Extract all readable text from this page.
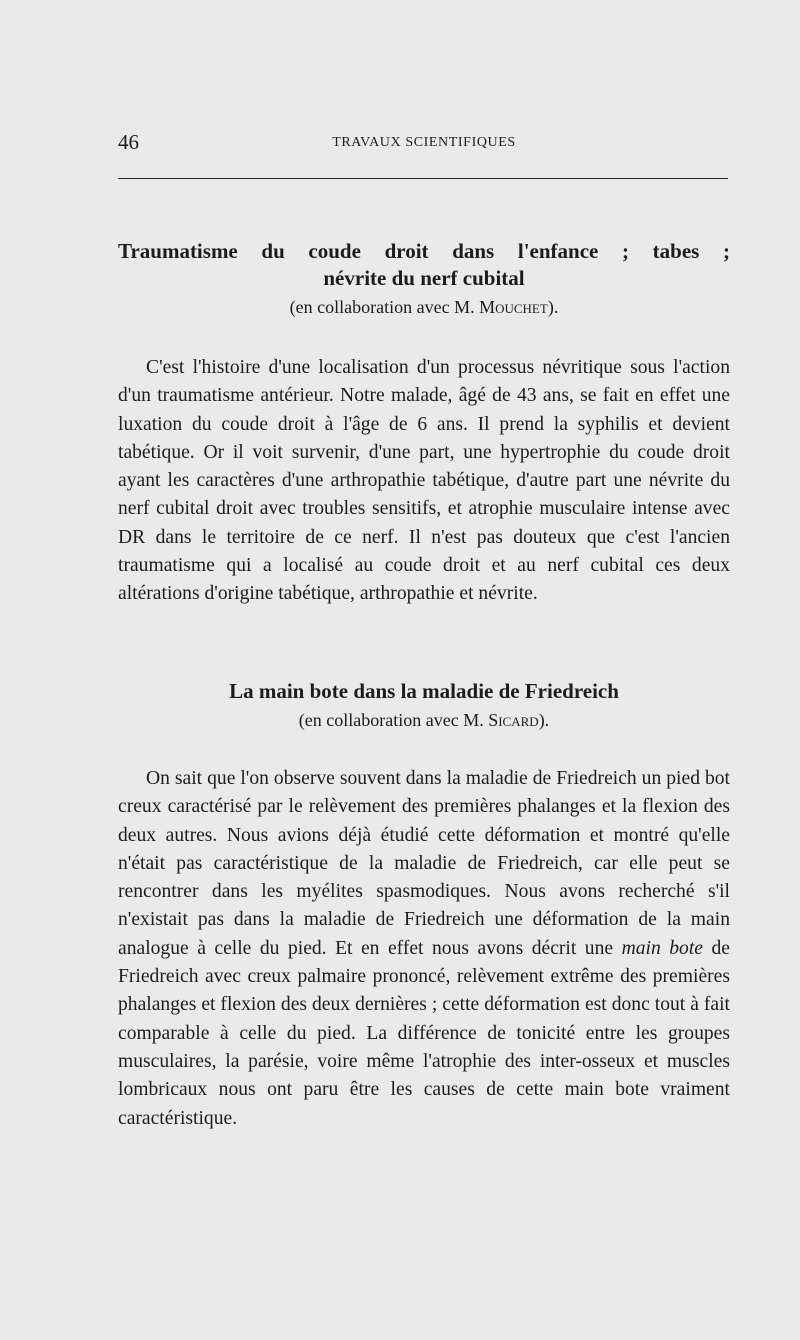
46	TRAVAUX SCIENTIFIQUES
Traumatisme du coude droit dans l'enfance ; tabes ;
névrite du nerf cubital
(en collaboration avec M. Mouchet).

C'est l'histoire d'une localisation d'un processus névritique sous l'action d'un traumatisme antérieur. Notre malade, âgé de 43 ans, se fait en effet une luxation du coude droit à l'âge de 6 ans. Il prend la syphilis et devient tabétique. Or il voit survenir, d'une part, une hypertrophie du coude droit ayant les caractères d'une arthropathie tabétique, d'autre part une névrite du nerf cubital droit avec troubles sensitifs, et atrophie musculaire intense avec DR dans le territoire de ce nerf. Il n'est pas douteux que c'est l'ancien traumatisme qui a localisé au coude droit et au nerf cubital ces deux altérations d'origine tabétique, arthropathie et névrite.

La main bote dans la maladie de Friedreich
(en collaboration avec M. Sicard).

On sait que l'on observe souvent dans la maladie de Friedreich un pied bot creux caractérisé par le relèvement des premières phalanges et la flexion des deux autres. Nous avions déjà étudié cette déformation et montré qu'elle n'était pas caractéristique de la maladie de Friedreich, car elle peut se rencontrer dans les myélites spasmodiques. Nous avons recherché s'il n'existait pas dans la maladie de Friedreich une déformation de la main analogue à celle du pied. Et en effet nous avons décrit une main bote de Friedreich avec creux palmaire prononcé, relèvement extrême des premières phalanges et flexion des deux dernières ; cette déformation est donc tout à fait comparable à celle du pied. La différence de tonicité entre les groupes musculaires, la parésie, voire même l'atrophie des inter-osseux et muscles lombricaux nous ont paru être les causes de cette main bote vraiment caractéristique.
